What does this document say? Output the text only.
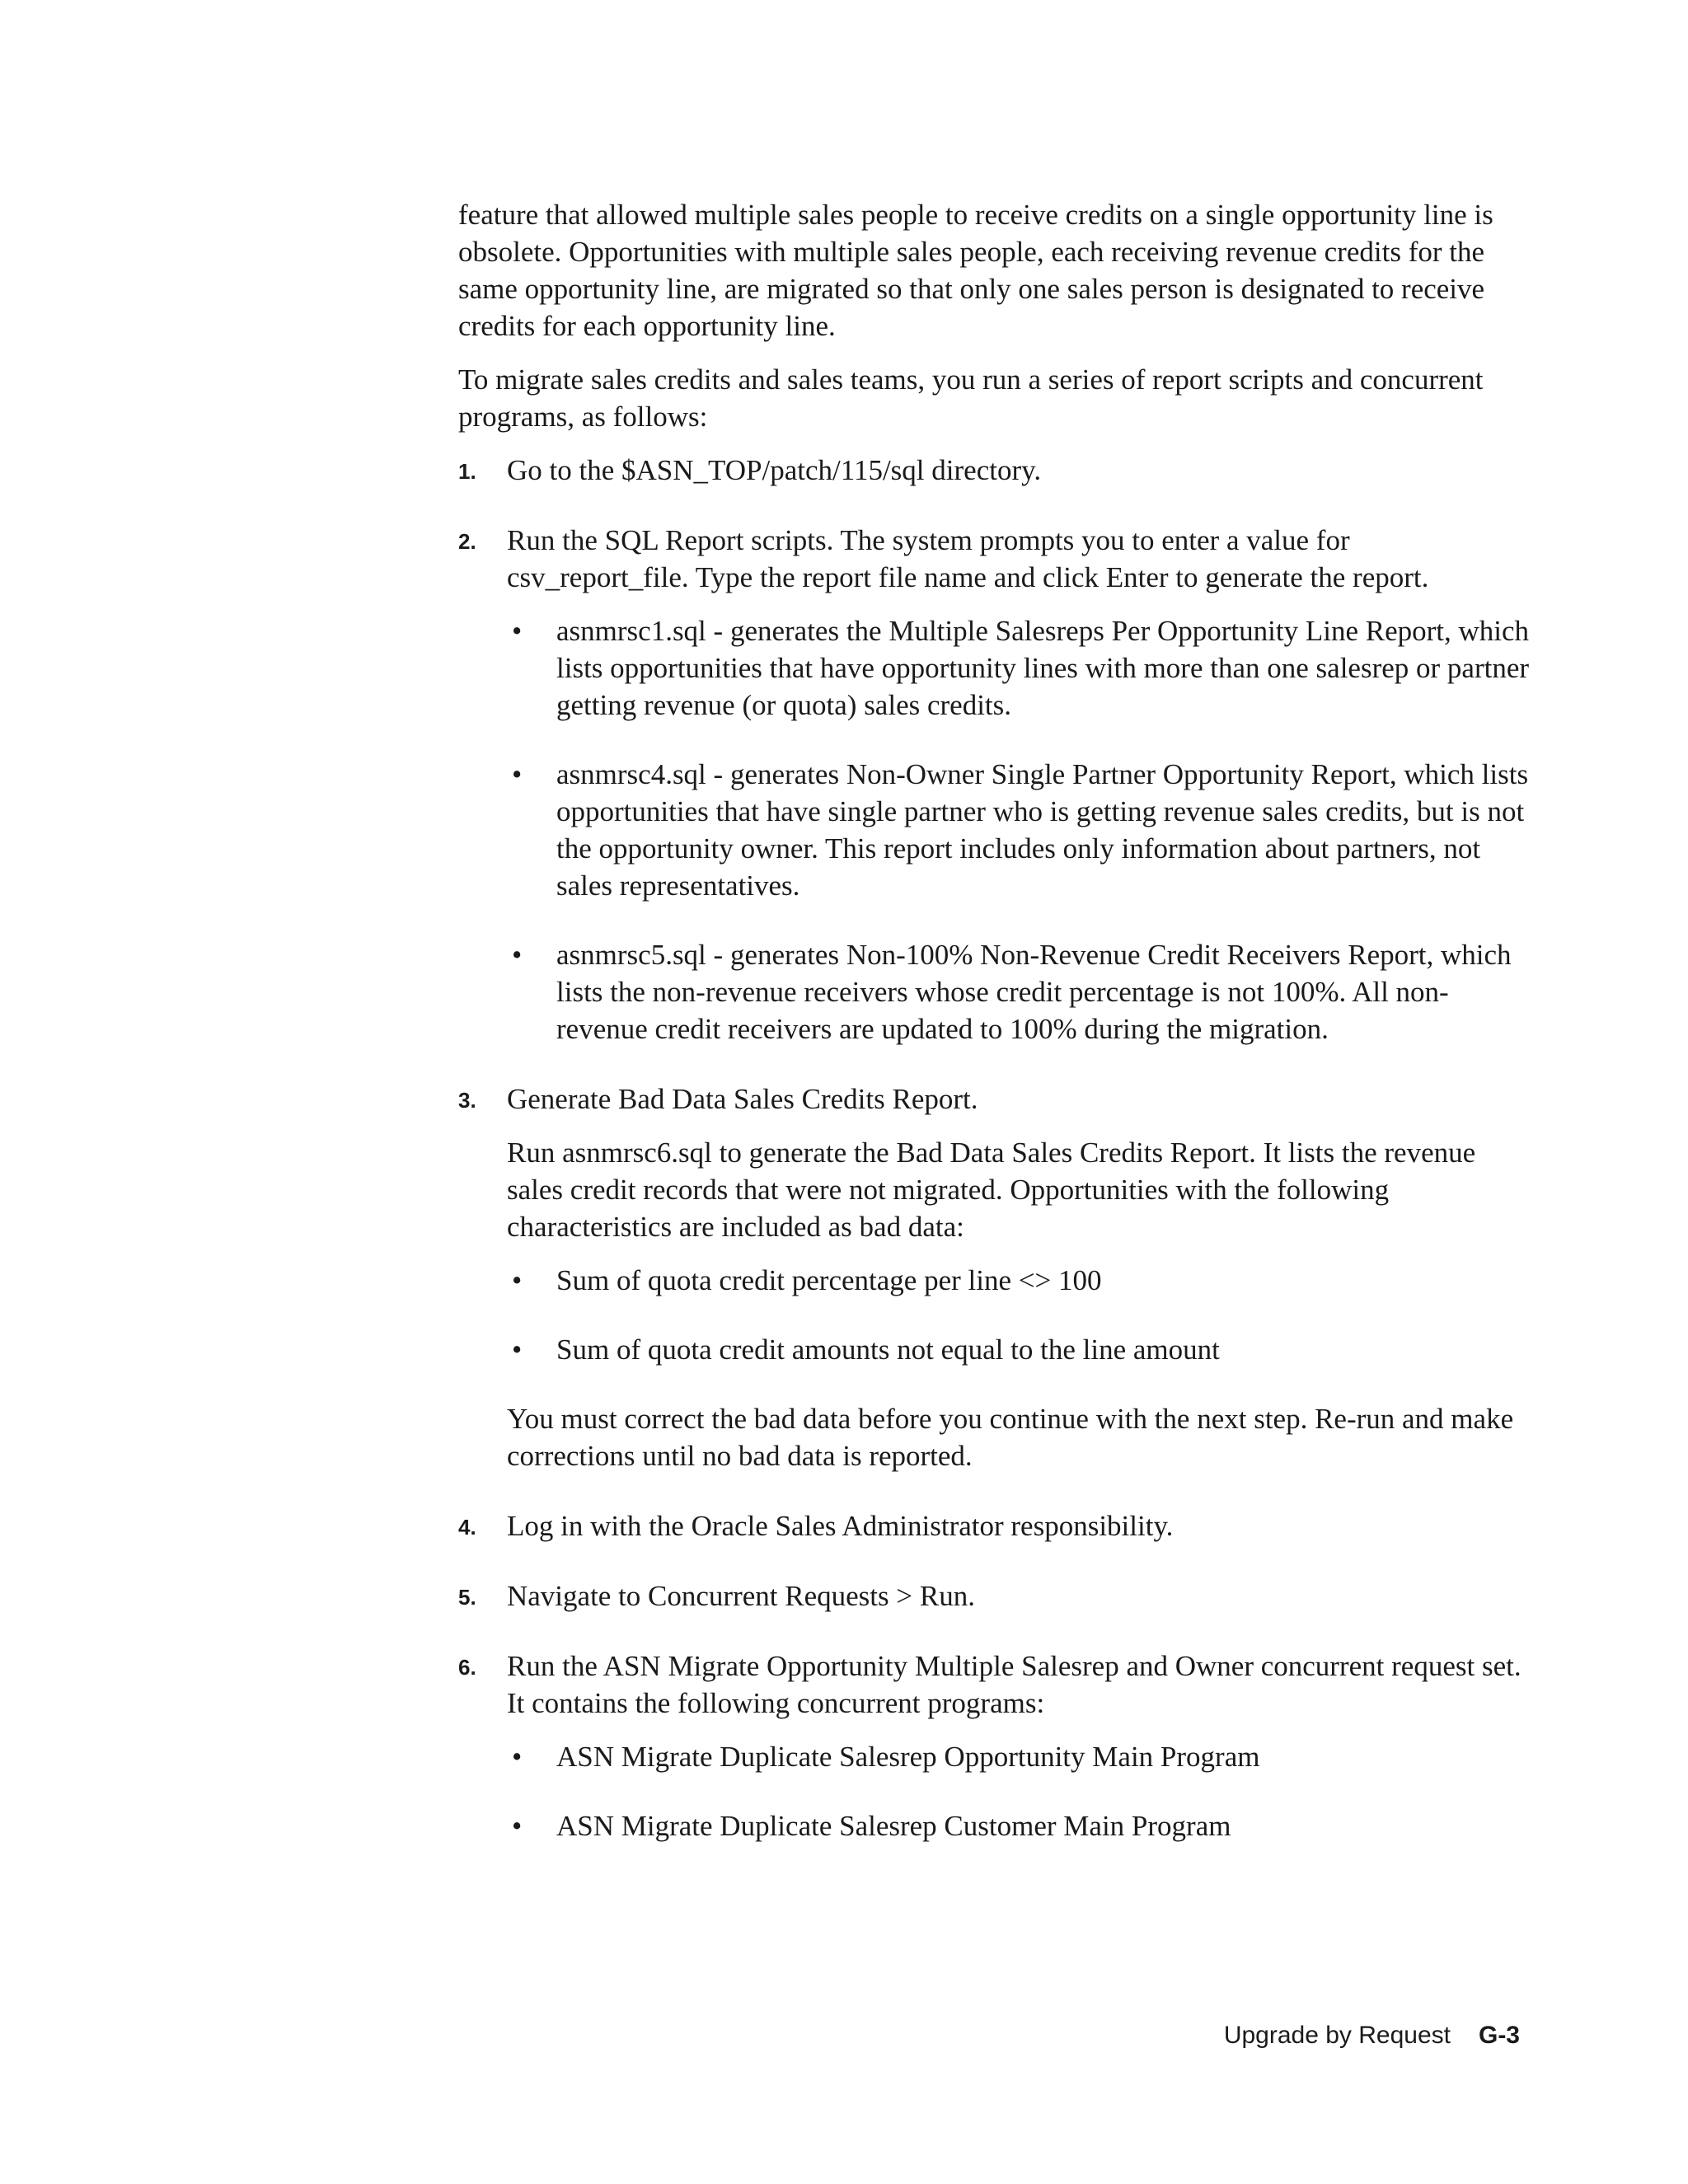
feature that allowed multiple sales people to receive credits on a single opportunity line is obsolete. Opportunities with multiple sales people, each receiving revenue credits for the same opportunity line, are migrated so that only one sales person is designated to receive credits for each opportunity line.

To migrate sales credits and sales teams, you run a series of report scripts and concurrent programs, as follows:

1. Go to the $ASN_TOP/patch/115/sql directory.

2. Run the SQL Report scripts. The system prompts you to enter a value for csv_report_file. Type the report file name and click Enter to generate the report.

• asnmrsc1.sql - generates the Multiple Salesreps Per Opportunity Line Report, which lists opportunities that have opportunity lines with more than one salesrep or partner getting revenue (or quota) sales credits.
• asnmrsc4.sql - generates Non-Owner Single Partner Opportunity Report, which lists opportunities that have single partner who is getting revenue sales credits, but is not the opportunity owner. This report includes only information about partners, not sales representatives.
• asnmrsc5.sql - generates Non-100% Non-Revenue Credit Receivers Report, which lists the non-revenue receivers whose credit percentage is not 100%. All non-revenue credit receivers are updated to 100% during the migration.
3. Generate Bad Data Sales Credits Report.

Run asnmrsc6.sql to generate the Bad Data Sales Credits Report. It lists the revenue sales credit records that were not migrated. Opportunities with the following characteristics are included as bad data:

• Sum of quota credit percentage per line <> 100
• Sum of quota credit amounts not equal to the line amount

You must correct the bad data before you continue with the next step. Re-run and make corrections until no bad data is reported.

4. Log in with the Oracle Sales Administrator responsibility.

5. Navigate to Concurrent Requests > Run.

6. Run the ASN Migrate Opportunity Multiple Salesrep and Owner concurrent request set. It contains the following concurrent programs:

• ASN Migrate Duplicate Salesrep Opportunity Main Program
• ASN Migrate Duplicate Salesrep Customer Main Program
Upgrade by Request G-3
